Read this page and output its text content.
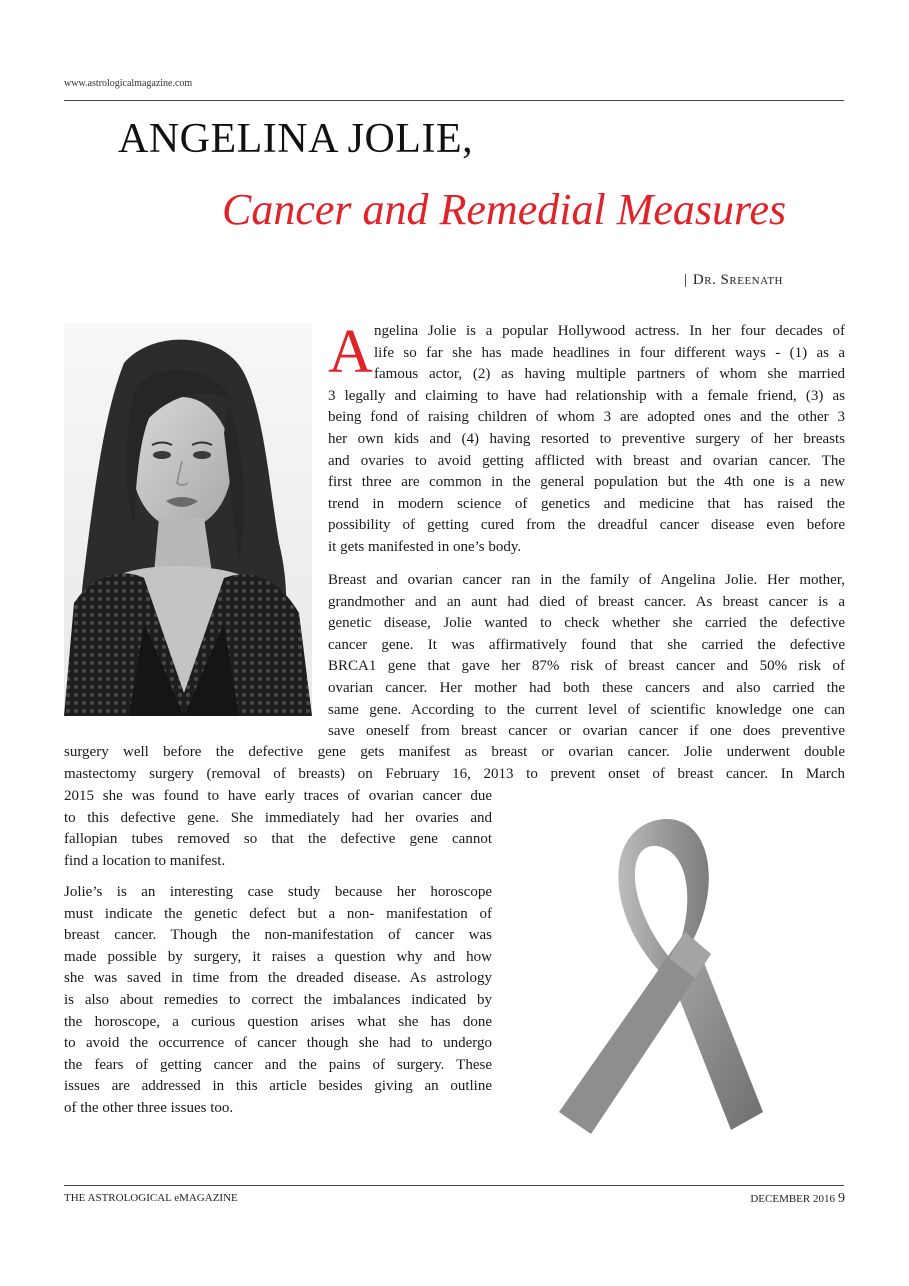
www.astrologicalmagazine.com
ANGELINA JOLIE,
Cancer and Remedial Measures
| Dr. Sreenath
A ngelina Jolie is a popular Hollywood actress. In her four decades of
life so far she has made headlines in four different ways - (1) as a
famous actor, (2) as having multiple partners of whom she married
3 legally and claiming to have had relationship with a female friend, (3) as
being fond of raising children of whom 3 are adopted ones and the other 3
her own kids and (4) having resorted to preventive surgery of her breasts
and ovaries to avoid getting afflicted with breast and ovarian cancer. The
first three are common in the general population but the 4th one is a new
trend in modern science of genetics and medicine that has raised the
possibility of getting cured from the dreadful cancer disease even before
it gets manifested in one’s body.
Breast and ovarian cancer ran in the family of Angelina Jolie. Her mother,
grandmother and an aunt had died of breast cancer. As breast cancer is a
genetic disease, Jolie wanted to check whether she carried the defective
cancer gene. It was affirmatively found that she carried the defective
BRCA1 gene that gave her 87% risk of breast cancer and 50% risk of
ovarian cancer. Her mother had both these cancers and also carried the
same gene. According to the current level of scientific knowledge one can
save oneself from breast cancer or ovarian cancer if one does preventive
surgery well before the defective gene gets manifest as breast or ovarian cancer. Jolie underwent double
mastectomy surgery (removal of breasts) on February 16, 2013 to prevent onset of breast cancer. In March
2015 she was found to have early traces of ovarian cancer due
to this defective gene. She immediately had her ovaries and
fallopian tubes removed so that the defective gene cannot
find a location to manifest.
Jolie’s is an interesting case study because her horoscope
must indicate the genetic defect but a non- manifestation of
breast cancer. Though the non-manifestation of cancer was
made possible by surgery, it raises a question why and how
she was saved in time from the dreaded disease. As astrology
is also about remedies to correct the imbalances indicated by
the horoscope, a curious question arises what she has done
to avoid the occurrence of cancer though she had to undergo
the fears of getting cancer and the pains of surgery. These
issues are addressed in this article besides giving an outline
of the other three issues too.
THE ASTROLOGICAL eMAGAZINE	DECEMBER 2016 9
